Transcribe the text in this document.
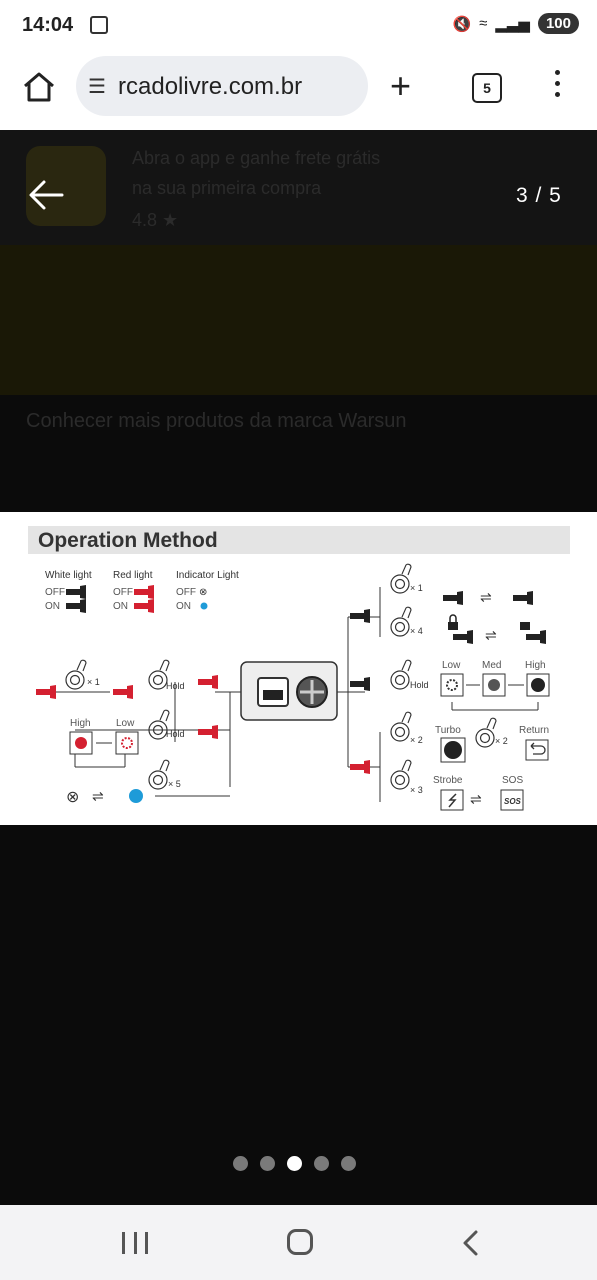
14:04	🔇 ≈ ▂▃▅	100
☰ rcadolivre.com.br +	5
Abra o app e ganhe frete grátis
na sua primeira compra
4.8 ★
Conhecer mais produtos da marca Warsun
3 / 5
Operation Method
White light Red light Indicator Light
OFF
ON
OFF
ON
OFF
ON
⊗
× 1	Hold
Hold
High	Low
× 5
⊗ ⇌
× 1
× 4
⇌
⇌
Hold
Low Med High
× 2
Turbo
× 2
Return
× 3
Strobe
⇌
SOS
SOS
